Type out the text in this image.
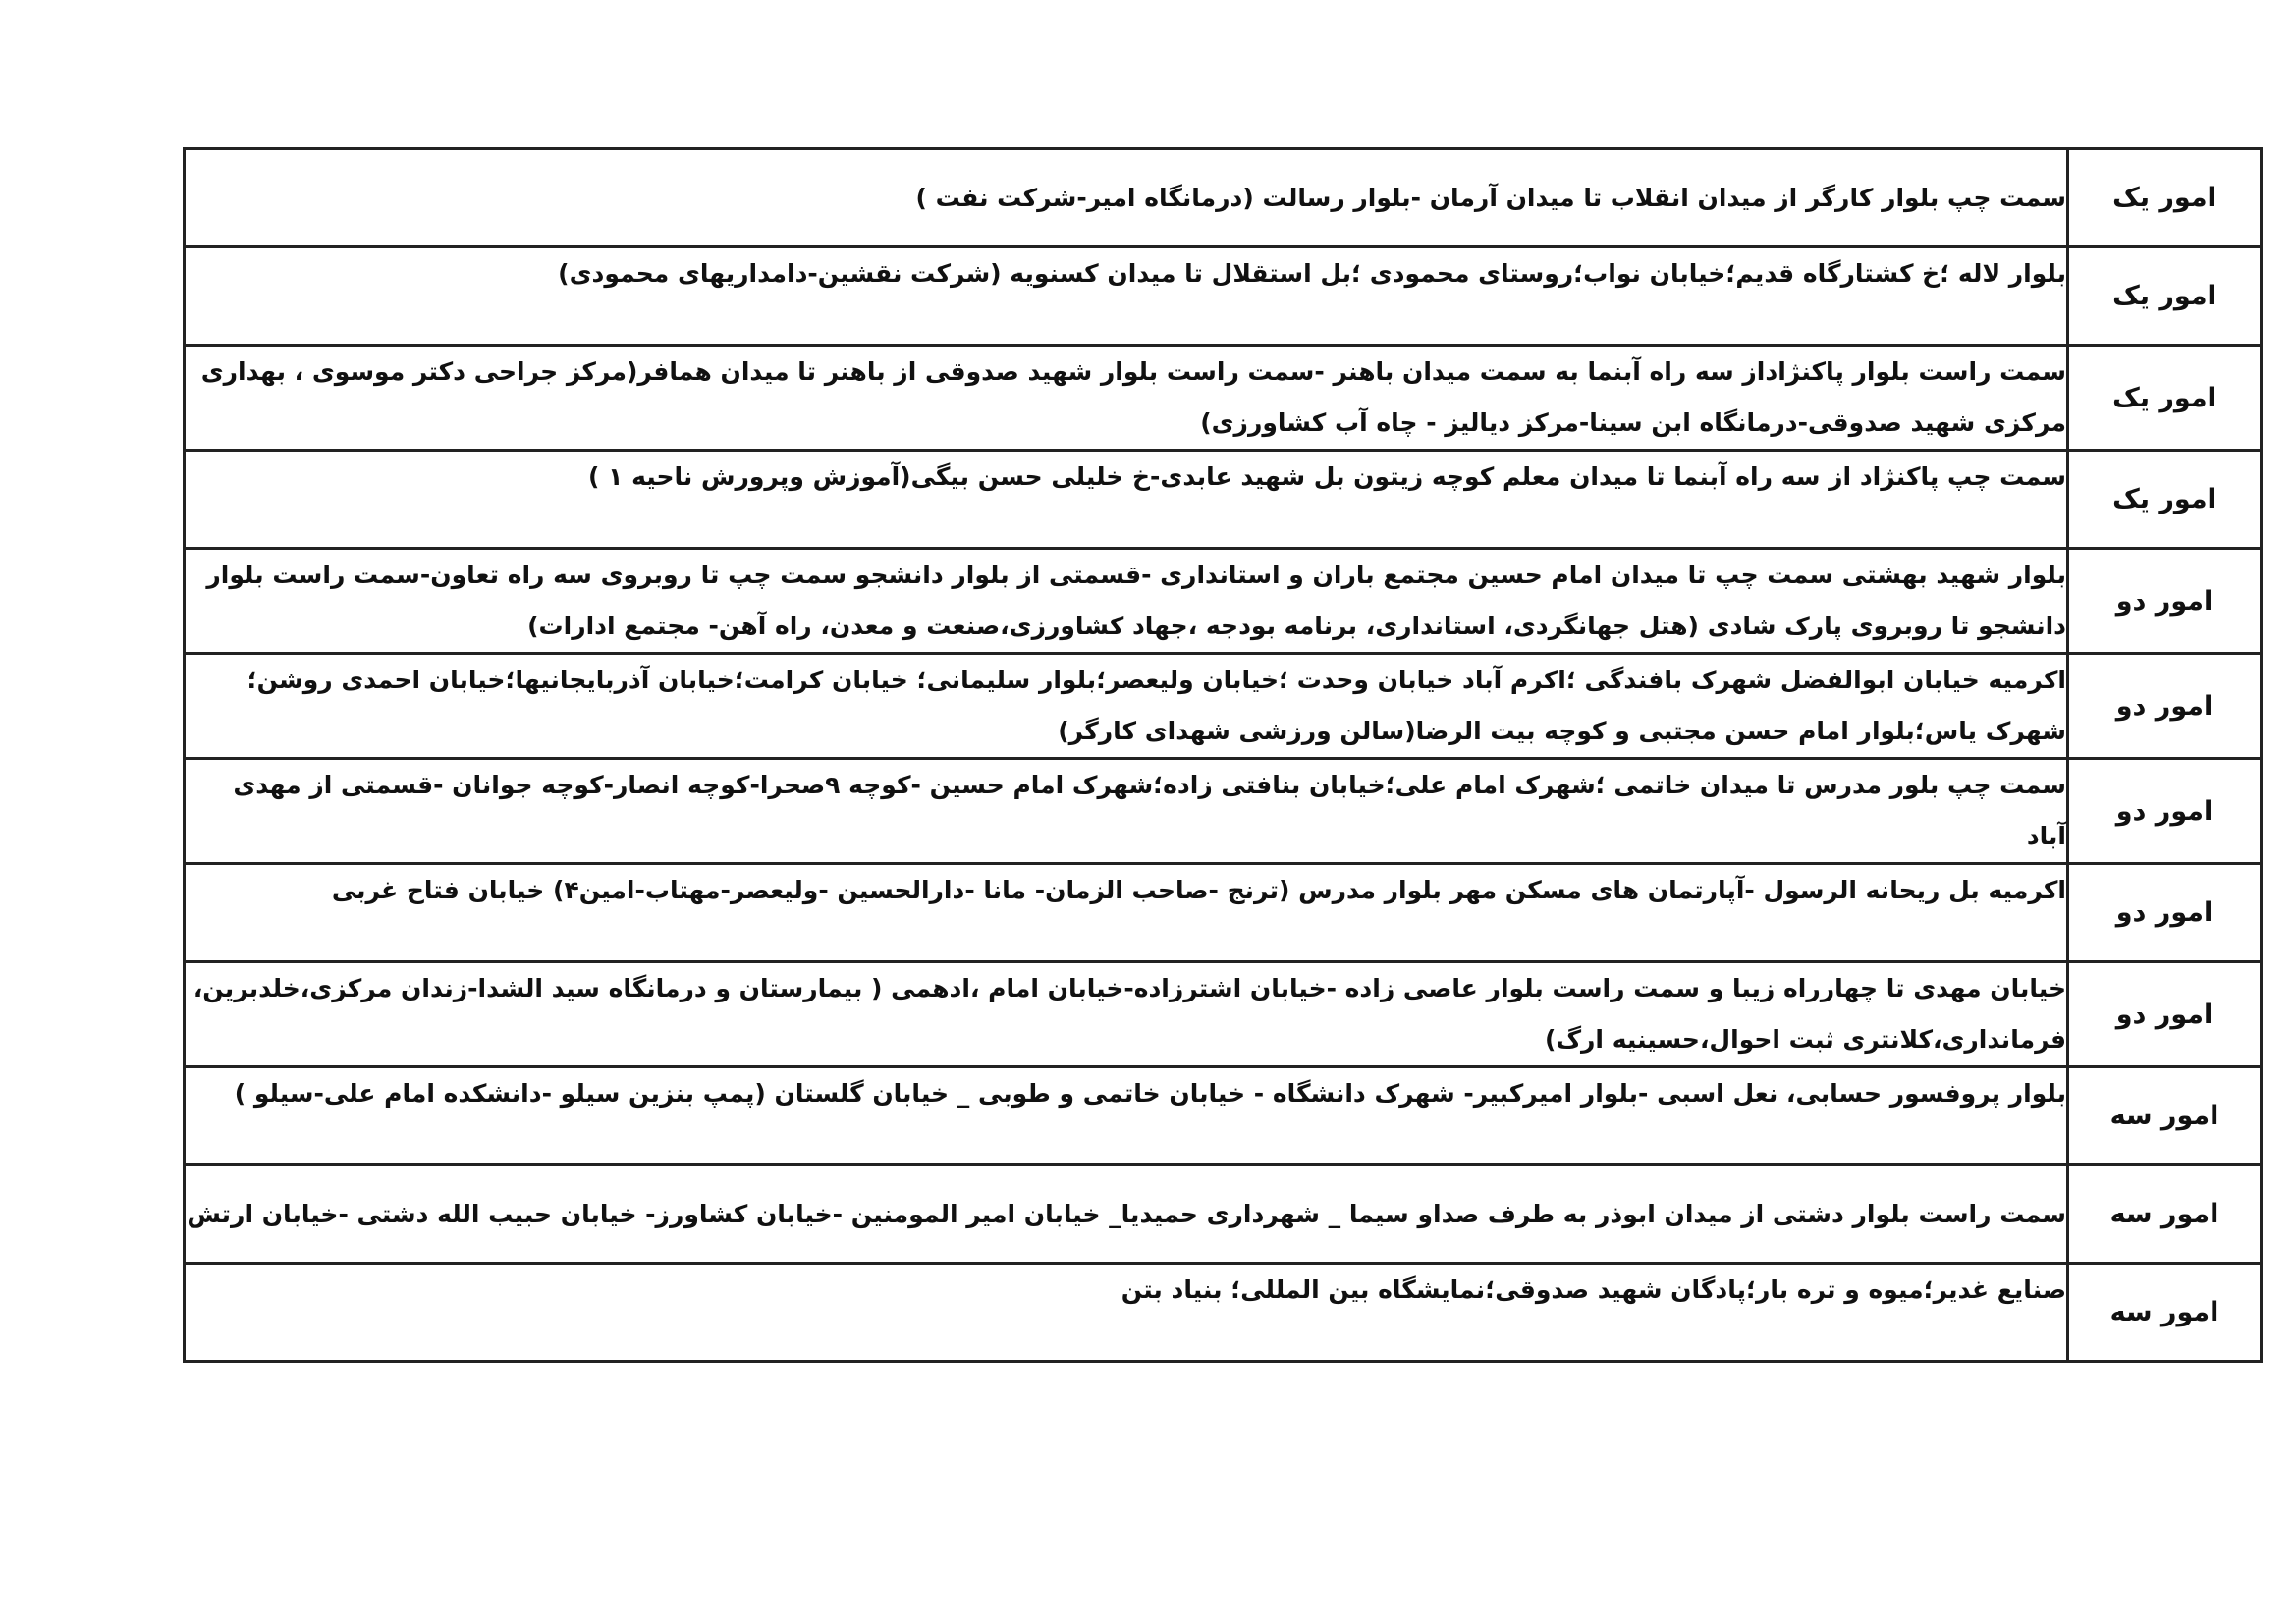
امور یک	سمت چپ بلوار کارگر از میدان انقلاب تا میدان آرمان -بلوار رسالت (درمانگاه امیر-شرکت نفت )

امور یک	بلوار لاله ؛خ کشتارگاه قدیم؛خیابان نواب؛روستای محمودی ؛بل استقلال تا میدان کسنویه (شرکت نقشین-دامداریهای محمودی)

امور یک	سمت راست بلوار پاکنژاداز سه راه آبنما به سمت میدان باهنر -سمت راست بلوار شهید صدوقی از باهنر تا میدان همافر(مرکز جراحی دکتر موسوی ، بهداری مرکزی شهید صدوقی-درمانگاه ابن سینا-مرکز دیالیز - چاه آب کشاورزی)

امور یک	سمت چپ پاکنژاد از سه راه آبنما تا میدان معلم کوچه زیتون بل شهید عابدی-خ خلیلی حسن بیگی(آموزش وپرورش ناحیه ۱ )

امور دو	بلوار شهید بهشتی سمت چپ تا میدان امام حسین مجتمع باران و استانداری -قسمتی از بلوار دانشجو سمت چپ تا روبروی سه راه تعاون-سمت راست بلوار دانشجو تا روبروی پارک شادی (هتل جهانگردی، استانداری، برنامه بودجه ،جهاد کشاورزی،صنعت و معدن، راه آهن- مجتمع ادارات)

امور دو	اکرمیه خیابان ابوالفضل شهرک بافندگی ؛اکرم آباد خیابان وحدت ؛خیابان ولیعصر؛بلوار سلیمانی؛ خیابان کرامت؛خیابان آذربایجانیها؛خیابان احمدی روشن؛شهرک یاس؛بلوار امام حسن مجتبی و کوچه بیت الرضا(سالن ورزشی شهدای کارگر)

امور دو	سمت چپ بلور مدرس تا میدان خاتمی ؛شهرک امام علی؛خیابان بنافتی زاده؛شهرک امام حسین -کوچه ۹صحرا-کوچه انصار-کوچه جوانان -قسمتی از مهدی آباد

امور دو	اکرمیه بل ریحانه الرسول -آپارتمان های مسکن مهر بلوار مدرس (ترنج -صاحب الزمان- مانا -دارالحسین -ولیعصر-مهتاب-امین۴) خیابان فتاح غربی

امور دو	خیابان مهدی تا چهارراه زیبا و سمت راست بلوار عاصی زاده -خیابان اشترزاده-خیابان امام ،ادهمی ( بیمارستان و درمانگاه سید الشدا-زندان مرکزی،خلدبرین، فرمانداری،کلانتری ثبت احوال،حسینیه ارگ)

امور سه	بلوار پروفسور حسابی، نعل اسبی -بلوار امیرکبیر- شهرک دانشگاه - خیابان خاتمی و طوبی _ خیابان گلستان (پمپ بنزین سیلو -دانشکده امام علی-سیلو )

امور سه	سمت راست بلوار دشتی از میدان ابوذر به طرف صداو سیما _ شهرداری حمیدیا_ خیابان امیر المومنین -خیابان کشاورز- خیابان حبیب الله دشتی -خیابان ارتش

امور سه	صنایع غدیر؛میوه و تره بار؛پادگان شهید صدوقی؛نمایشگاه بین المللی؛ بنیاد بتن
